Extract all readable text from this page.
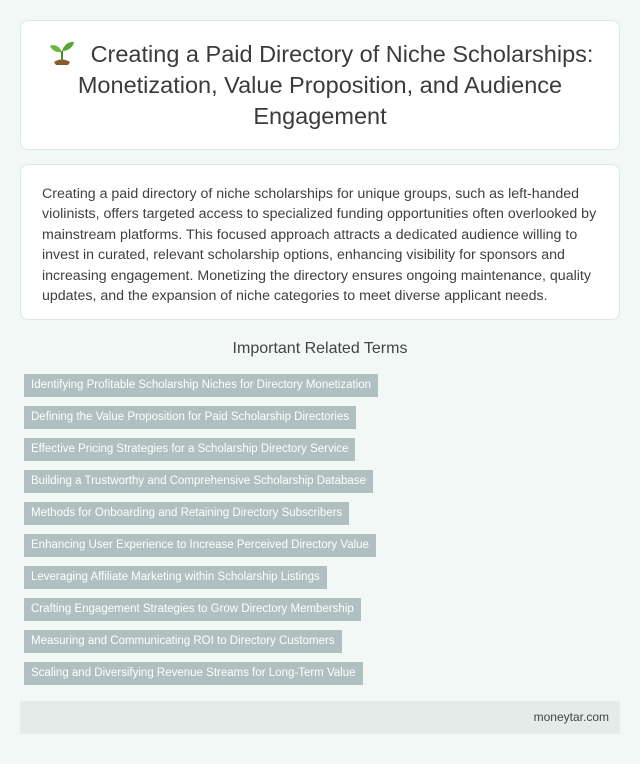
Creating a Paid Directory of Niche Scholarships: Monetization, Value Proposition, and Audience Engagement

Creating a paid directory of niche scholarships for unique groups, such as left-handed violinists, offers targeted access to specialized funding opportunities often overlooked by mainstream platforms. This focused approach attracts a dedicated audience willing to invest in curated, relevant scholarship options, enhancing visibility for sponsors and increasing engagement. Monetizing the directory ensures ongoing maintenance, quality updates, and the expansion of niche categories to meet diverse applicant needs.

Important Related Terms
Identifying Profitable Scholarship Niches for Directory Monetization
Defining the Value Proposition for Paid Scholarship Directories
Effective Pricing Strategies for a Scholarship Directory Service
Building a Trustworthy and Comprehensive Scholarship Database
Methods for Onboarding and Retaining Directory Subscribers
Enhancing User Experience to Increase Perceived Directory Value
Leveraging Affiliate Marketing within Scholarship Listings
Crafting Engagement Strategies to Grow Directory Membership
Measuring and Communicating ROI to Directory Customers
Scaling and Diversifying Revenue Streams for Long-Term Value
moneytar.com
